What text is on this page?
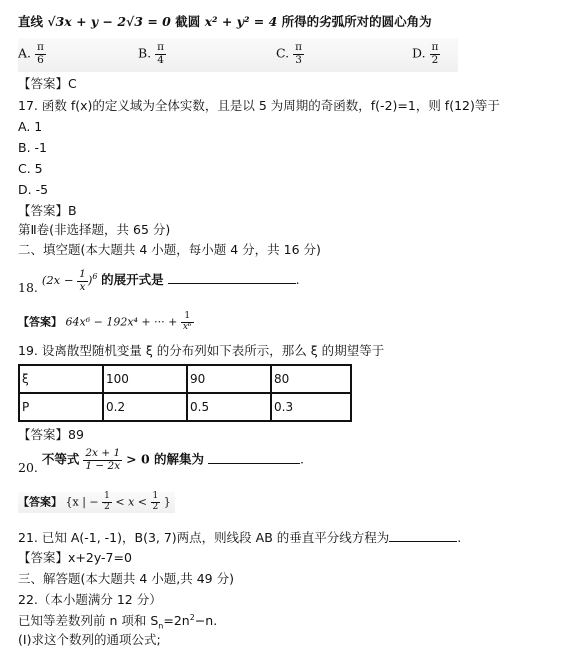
直线 √3x + y − 2√3 = 0 截圆 x² + y² = 4 所得的劣弧所对的圆心角为
A. $\frac{\pi}{6}$	B. $\frac{\pi}{4}$	C. $\frac{\pi}{3}$	D. $\frac{\pi}{2}$
【答案】C
17. 函数 f(x)的定义域为全体实数，且是以 5 为周期的奇函数，f(-2)=1，则 f(12)等于
A. 1
B. -1
C. 5
D. -5
【答案】B
第Ⅱ卷(非选择题，共 65 分)
二、填空题(本大题共 4 小题，每小题 4 分，共 16 分)
18. $(2x - \frac{1}{x} )^6$ 的展开式是	.
【答案】 64x⁶ − 192x⁴ + ··· + $\frac{1}{\text{x⁶}}$
19. 设离散型随机变量 ξ 的分布列如下表所示，那么 ξ 的期望等于
ξ	100	90	80
P	0.2	0.5	0.3
【答案】89
20. 不等式 $\frac{2x + 1}{1 - 2x} > 0$ 的解集为	.
【答案】 {x | − $\frac{1}{2} < x < \frac{1}{2}$ }
21. 已知 A(-1, -1)，B(3, 7)两点，则线段 AB 的垂直平分线方程为	.
【答案】x+2y-7=0
三、解答题(本大题共 4 小题,共 49 分)
22.（本小题满分 12 分）
已知等差数列前 n 项和 $S_n=2n^2-n$.
(Ⅰ)求这个数列的通项公式;
